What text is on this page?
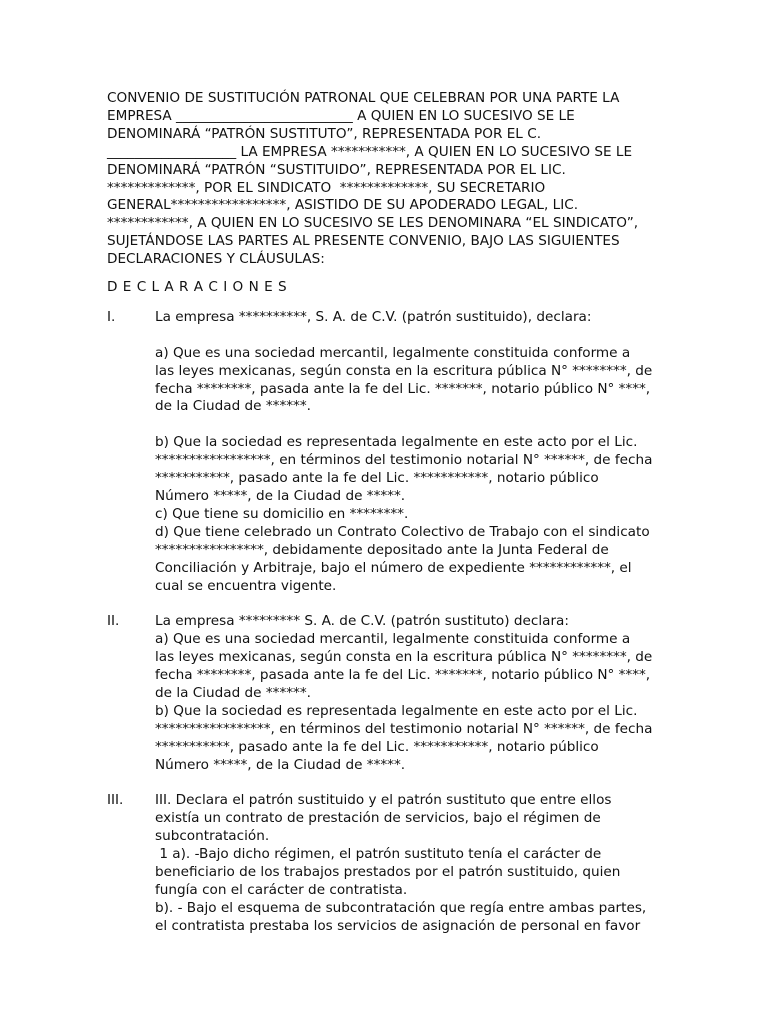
CONVENIO DE SUSTITUCIÓN PATRONAL QUE CELEBRAN POR UNA PARTE LA

EMPRESA __________________________ A QUIEN EN LO SUCESIVO SE LE

DENOMINARÁ “PATRÓN SUSTITUTO”, REPRESENTADA POR EL C.

___________________ LA EMPRESA ***********, A QUIEN EN LO SUCESIVO SE LE

DENOMINARÁ “PATRÓN “SUSTITUIDO”, REPRESENTADA POR EL LIC.

*************, POR EL SINDICATO  *************, SU SECRETARIO

GENERAL*****************, ASISTIDO DE SU APODERADO LEGAL, LIC.

************, A QUIEN EN LO SUCESIVO SE LES DENOMINARA “EL SINDICATO”,

SUJETÁNDOSE LAS PARTES AL PRESENTE CONVENIO, BAJO LAS SIGUIENTES

DECLARACIONES Y CLÁUSULAS:

D E C L A R A C I O N E S

I.	La empresa **********, S. A. de C.V. (patrón sustituido), declara:

a) Que es una sociedad mercantil, legalmente constituida conforme a

las leyes mexicanas, según consta en la escritura pública N° ********, de

fecha ********, pasada ante la fe del Lic. *******, notario público N° ****,

de la Ciudad de ******.

b) Que la sociedad es representada legalmente en este acto por el Lic.

*****************, en términos del testimonio notarial N° ******, de fecha

***********, pasado ante la fe del Lic. ***********, notario público

Número *****, de la Ciudad de *****.

c) Que tiene su domicilio en ********.

d) Que tiene celebrado un Contrato Colectivo de Trabajo con el sindicato

****************, debidamente depositado ante la Junta Federal de

Conciliación y Arbitraje, bajo el número de expediente ************, el

cual se encuentra vigente.

II.	La empresa ********* S. A. de C.V. (patrón sustituto) declara:

a) Que es una sociedad mercantil, legalmente constituida conforme a

las leyes mexicanas, según consta en la escritura pública N° ********, de

fecha ********, pasada ante la fe del Lic. *******, notario público N° ****,

de la Ciudad de ******.

b) Que la sociedad es representada legalmente en este acto por el Lic.

*****************, en términos del testimonio notarial N° ******, de fecha

***********, pasado ante la fe del Lic. ***********, notario público

Número *****, de la Ciudad de *****.

III.	III. Declara el patrón sustituido y el patrón sustituto que entre ellos

existía un contrato de prestación de servicios, bajo el régimen de

subcontratación.

1 a). -Bajo dicho régimen, el patrón sustituto tenía el carácter de

beneficiario de los trabajos prestados por el patrón sustituido, quien

fungía con el carácter de contratista.

b). - Bajo el esquema de subcontratación que regía entre ambas partes,

el contratista prestaba los servicios de asignación de personal en favor
